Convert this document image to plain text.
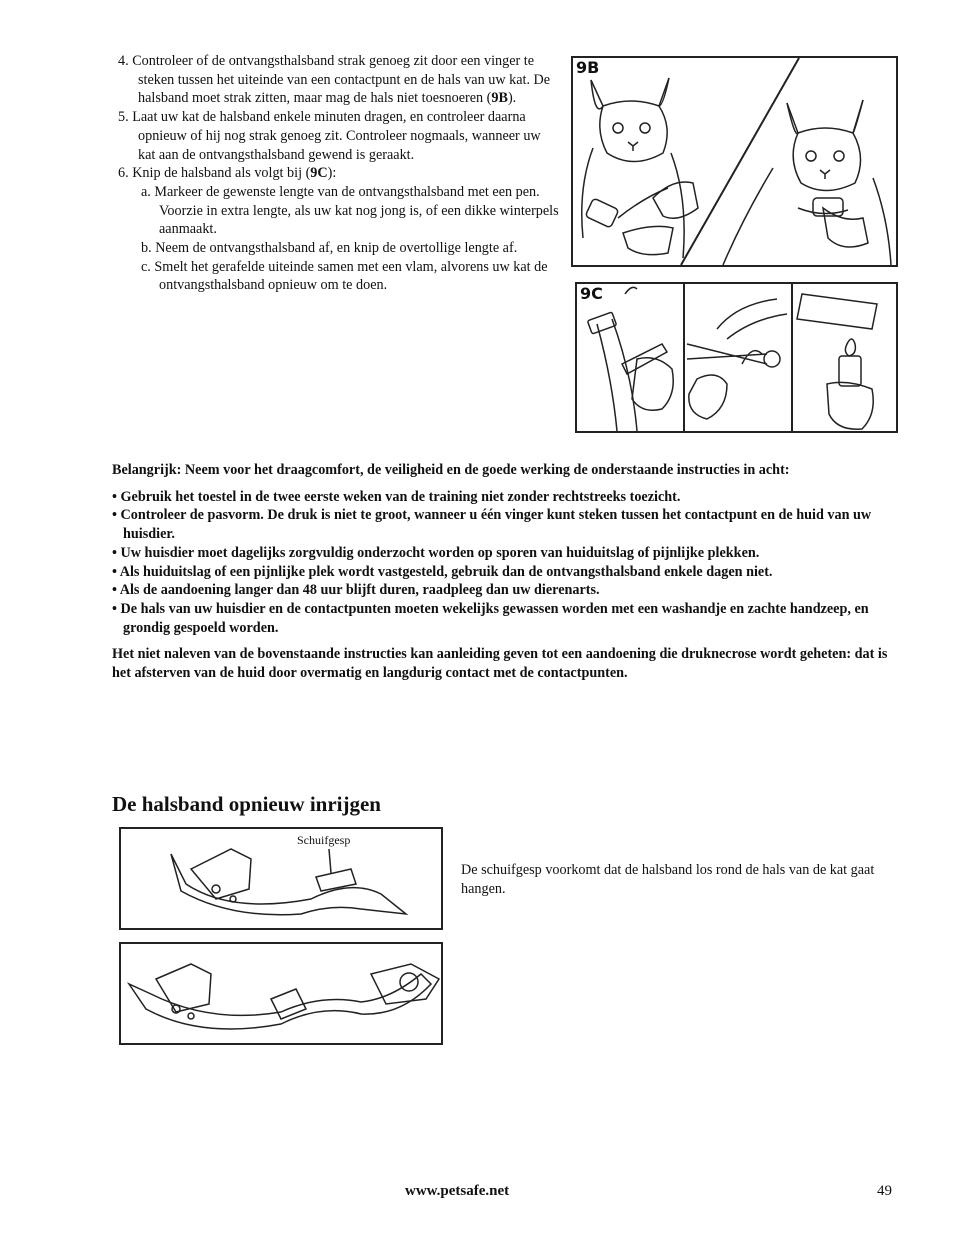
4. Controleer of de ontvangsthalsband strak genoeg zit door een vinger te steken tussen het uiteinde van een contactpunt en de hals van uw kat. De halsband moet strak zitten, maar mag de hals niet toesnoeren (9B).

5. Laat uw kat de halsband enkele minuten dragen, en controleer daarna opnieuw of hij nog strak genoeg zit. Controleer nogmaals, wanneer uw kat aan de ontvangsthalsband gewend is geraakt.

6. Knip de halsband als volgt bij (9C):

a. Markeer de gewenste lengte van de ontvangsthalsband met een pen. Voorzie in extra lengte, als uw kat nog jong is, of een dikke winterpels aanmaakt.

b. Neem de ontvangsthalsband af, en knip de overtollige lengte af.

c. Smelt het gerafelde uiteinde samen met een vlam, alvorens uw kat de ontvangsthalsband opnieuw om te doen.

9B
9C

Belangrijk: Neem voor het draagcomfort, de veiligheid en de goede werking de onderstaande instructies in acht:

• Gebruik het toestel in de twee eerste weken van de training niet zonder rechtstreeks toezicht.
• Controleer de pasvorm. De druk is niet te groot, wanneer u één vinger kunt steken tussen het contactpunt en de huid van uw huisdier.
• Uw huisdier moet dagelijks zorgvuldig onderzocht worden op sporen van huiduitslag of pijnlijke plekken.
• Als huiduitslag of een pijnlijke plek wordt vastgesteld, gebruik dan de ontvangsthalsband enkele dagen niet.
• Als de aandoening langer dan 48 uur blijft duren, raadpleeg dan uw dierenarts.
• De hals van uw huisdier en de contactpunten moeten wekelijks gewassen worden met een washandje en zachte handzeep, en grondig gespoeld worden.

Het niet naleven van de bovenstaande instructies kan aanleiding geven tot een aandoening die druknecrose wordt geheten: dat is het afsterven van de huid door overmatig en langdurig contact met de contactpunten.

De halsband opnieuw inrijgen
Schuifgesp
De schuifgesp voorkomt dat de halsband los rond de hals van de kat gaat hangen.
www.petsafe.net	49
